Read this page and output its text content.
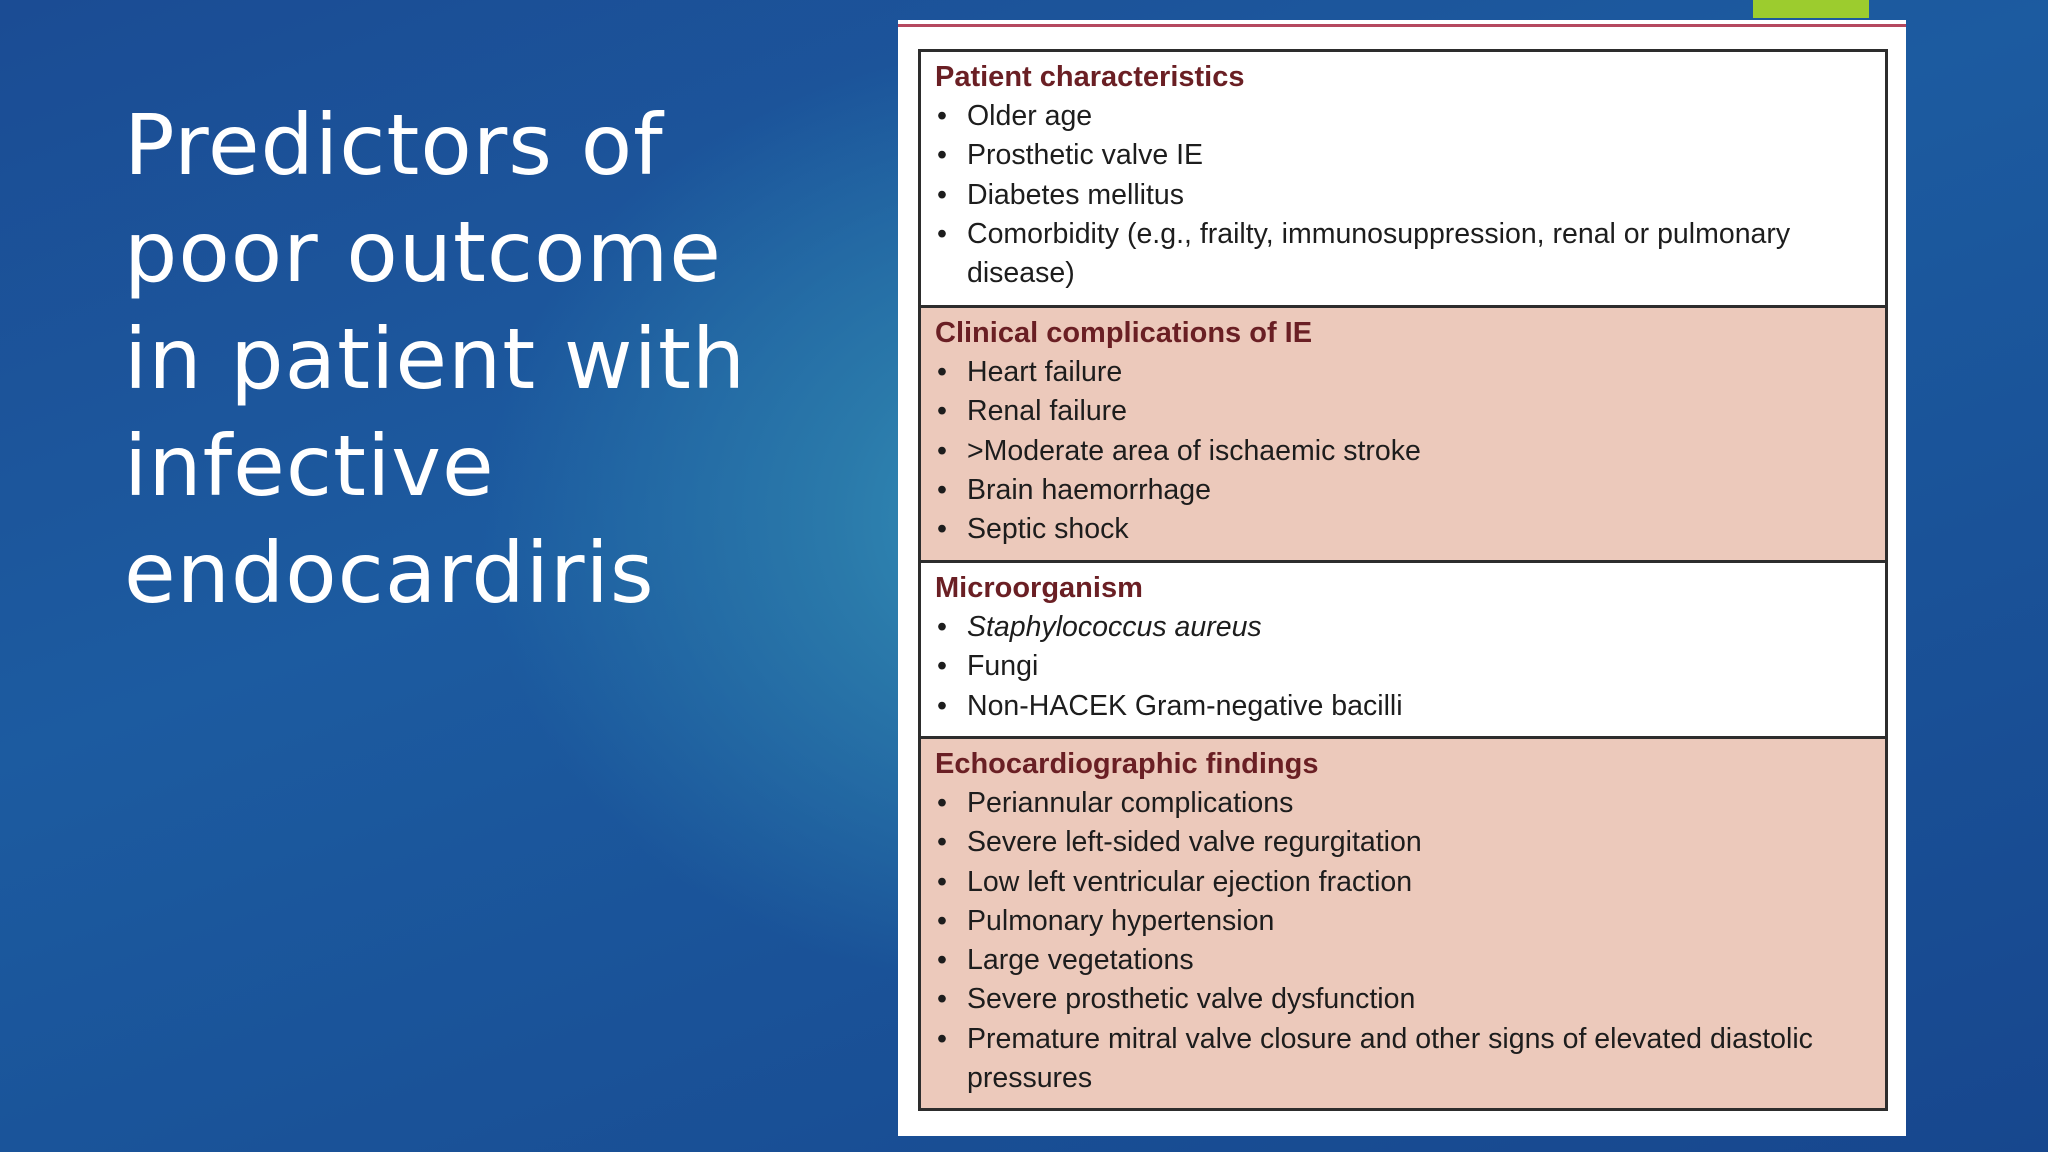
Predictors of
poor outcome
in patient with
infective
endocardiris

Patient characteristics

• Older age
• Prosthetic valve IE
• Diabetes mellitus
• Comorbidity (e.g., frailty, immunosuppression, renal or pulmonary disease)

Clinical complications of IE

• Heart failure
• Renal failure
• >Moderate area of ischaemic stroke
• Brain haemorrhage
• Septic shock

Microorganism

• Staphylococcus aureus
• Fungi
• Non-HACEK Gram-negative bacilli

Echocardiographic findings

• Periannular complications
• Severe left-sided valve regurgitation
• Low left ventricular ejection fraction
• Pulmonary hypertension
• Large vegetations
• Severe prosthetic valve dysfunction
• Premature mitral valve closure and other signs of elevated diastolic pressures
